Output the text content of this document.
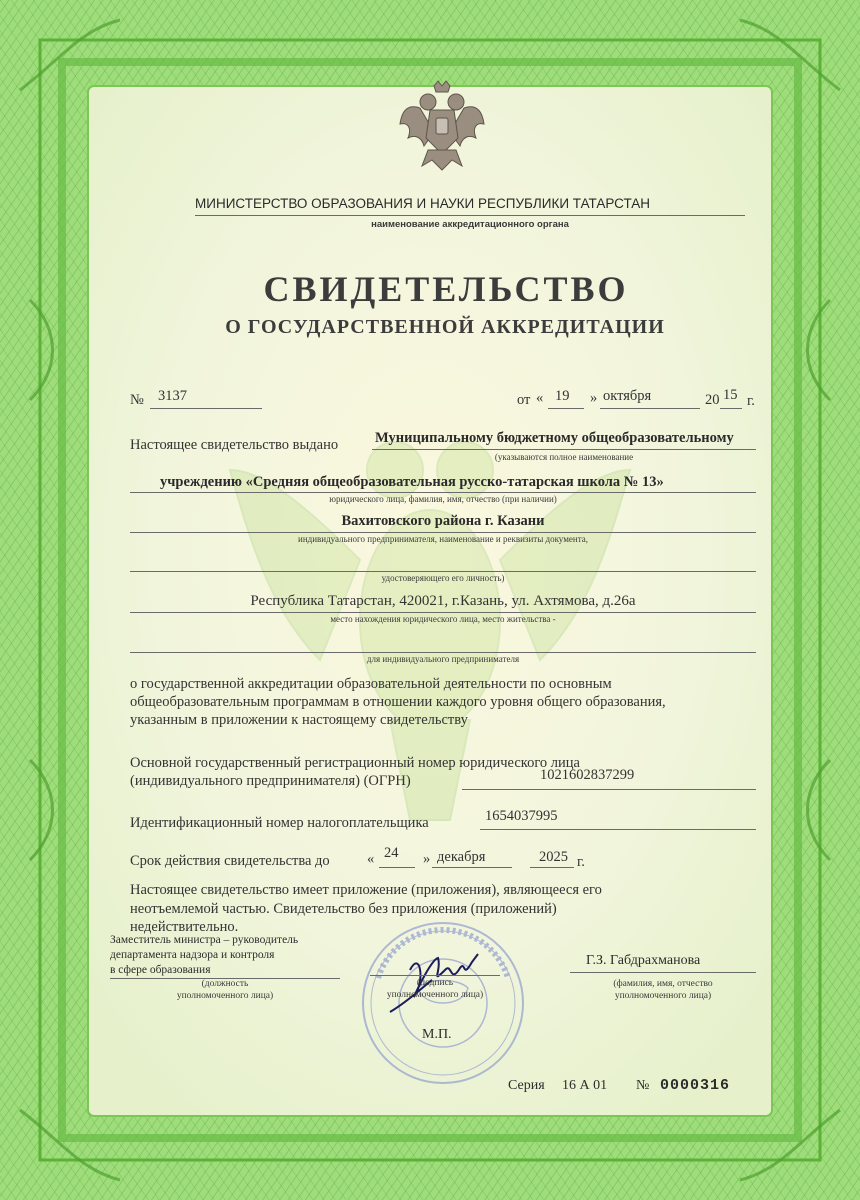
МИНИСТЕРСТВО ОБРАЗОВАНИЯ И НАУКИ РЕСПУБЛИКИ ТАТАРСТАН
наименование аккредитационного органа
СВИДЕТЕЛЬСТВО
О ГОСУДАРСТВЕННОЙ АККРЕДИТАЦИИ
№ 3137	от « 19 » октября	20 15 г.
Настоящее свидетельство выдано	Муниципальному бюджетному общеобразовательному
(указываются полное наименование
учреждению «Средняя общеобразовательная русско-татарская школа № 13»
юридического лица, фамилия, имя, отчество (при наличии)
Вахитовского района г. Казани
индивидуального предпринимателя, наименование и реквизиты документа,
удостоверяющего его личность)
Республика Татарстан, 420021, г.Казань, ул. Ахтямова, д.26а
место нахождения юридического лица, место жительства -
для индивидуального предпринимателя
о государственной аккредитации образовательной деятельности по основным
общеобразовательным программам в отношении каждого уровня общего образования,
указанным в приложении к настоящему свидетельству
Основной государственный регистрационный номер юридического лица
(индивидуального предпринимателя) (ОГРН)	1021602837299
Идентификационный номер налогоплательщика	1654037995
Срок действия свидетельства до	« 24 » декабря	2025 г.
Настоящее свидетельство имеет приложение (приложения), являющееся его
неотъемлемой частью. Свидетельство без приложения (приложений)
недействительно.
Заместитель министра – руководитель
департамента надзора и контроля
в сфере образования
(должность
уполномоченного лица)
(подпись
уполномоченного лица)
Г.З. Габдрахманова
(фамилия, имя, отчество
уполномоченного лица)
М.П.
Серия 16 А 01 № 0000316
